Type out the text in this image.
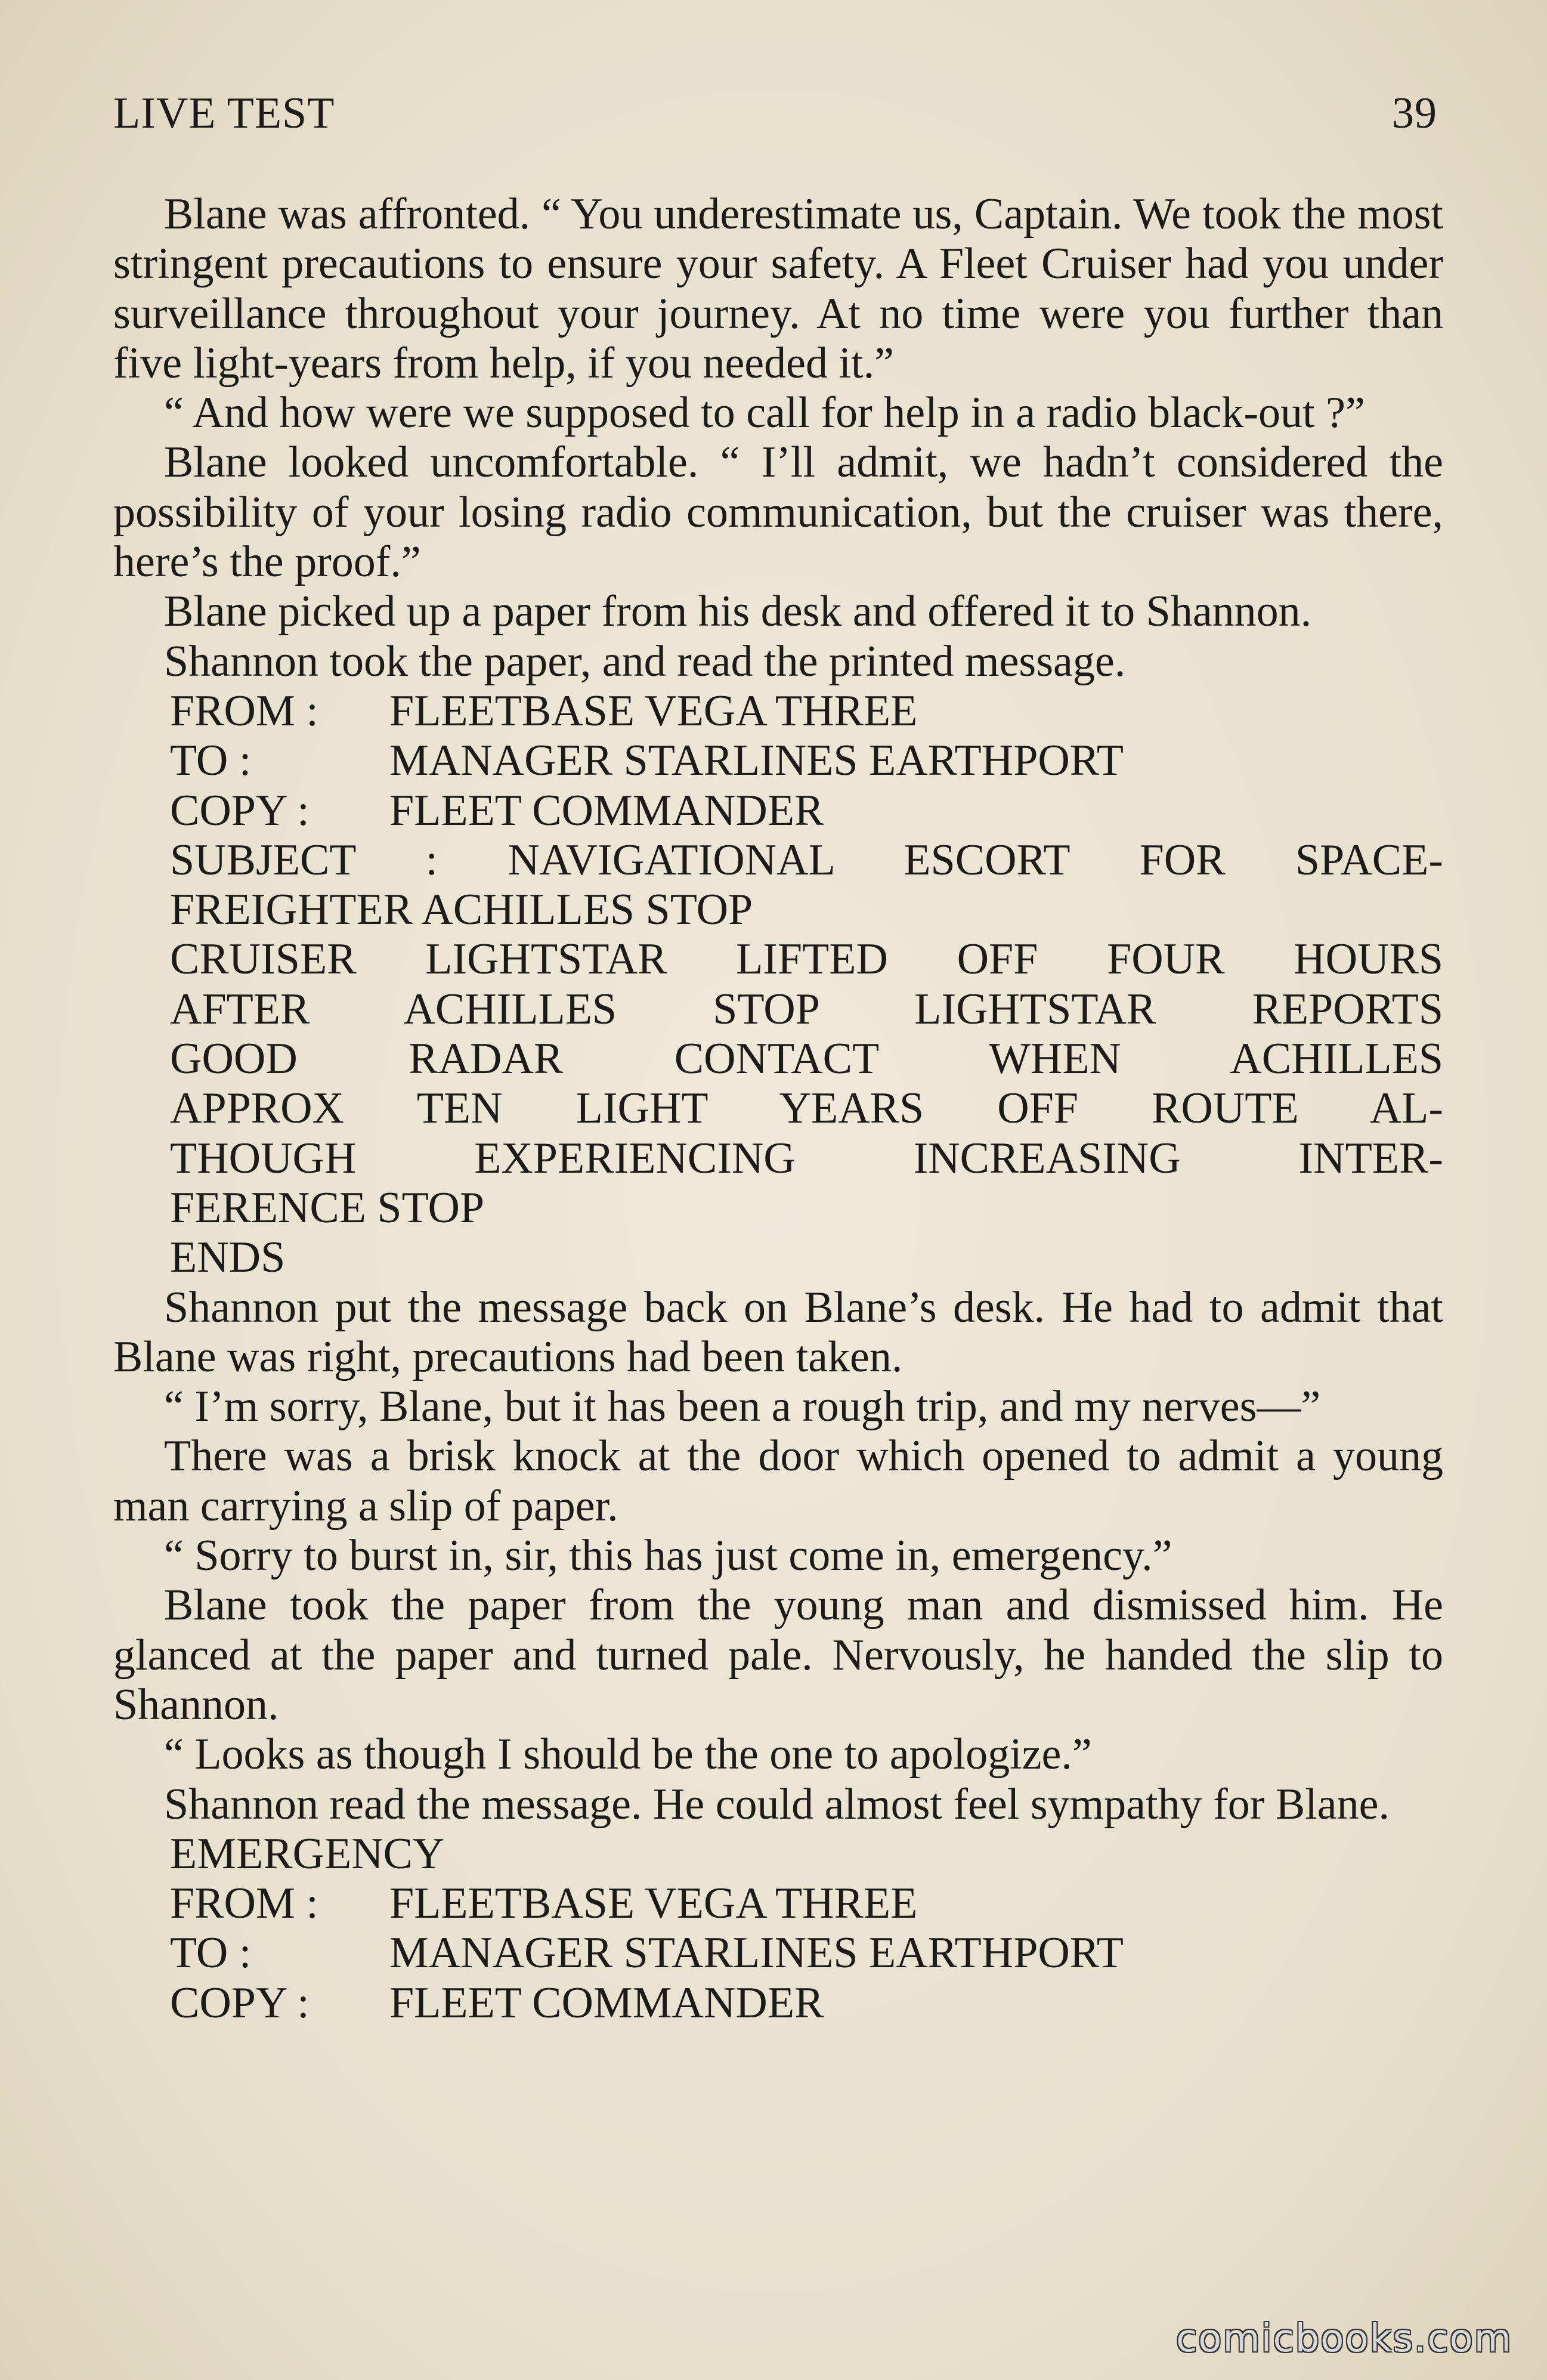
LIVE TEST	39

Blane was affronted. “ You underestimate us, Captain. We took the most stringent precautions to ensure your safety. A Fleet Cruiser had you under surveillance throughout your journey. At no time were you further than five light-years from help, if you needed it.”

“ And how were we supposed to call for help in a radio black-out ?”

Blane looked uncomfortable. “ I’ll admit, we hadn’t considered the possibility of your losing radio communication, but the cruiser was there, here’s the proof.”

Blane picked up a paper from his desk and offered it to Shannon.

Shannon took the paper, and read the printed message.

FROM :	FLEETBASE VEGA THREE
TO :	MANAGER STARLINES EARTHPORT
COPY :	FLEET COMMANDER
SUBJECT : NAVIGATIONAL ESCORT FOR SPACE-
FREIGHTER ACHILLES STOP
CRUISER LIGHTSTAR LIFTED OFF FOUR HOURS
AFTER ACHILLES STOP LIGHTSTAR REPORTS
GOOD RADAR CONTACT WHEN ACHILLES
APPROX TEN LIGHT YEARS OFF ROUTE AL-
THOUGH EXPERIENCING INCREASING INTER-
FERENCE STOP
ENDS

Shannon put the message back on Blane’s desk. He had to admit that Blane was right, precautions had been taken.

“ I’m sorry, Blane, but it has been a rough trip, and my nerves—”

There was a brisk knock at the door which opened to admit a young man carrying a slip of paper.

“ Sorry to burst in, sir, this has just come in, emergency.”

Blane took the paper from the young man and dismissed him. He glanced at the paper and turned pale. Nervously, he handed the slip to Shannon.

“ Looks as though I should be the one to apologize.”

Shannon read the message. He could almost feel sympathy for Blane.

EMERGENCY
FROM :	FLEETBASE VEGA THREE
TO :	MANAGER STARLINES EARTHPORT
COPY :	FLEET COMMANDER
comicbooks.com
